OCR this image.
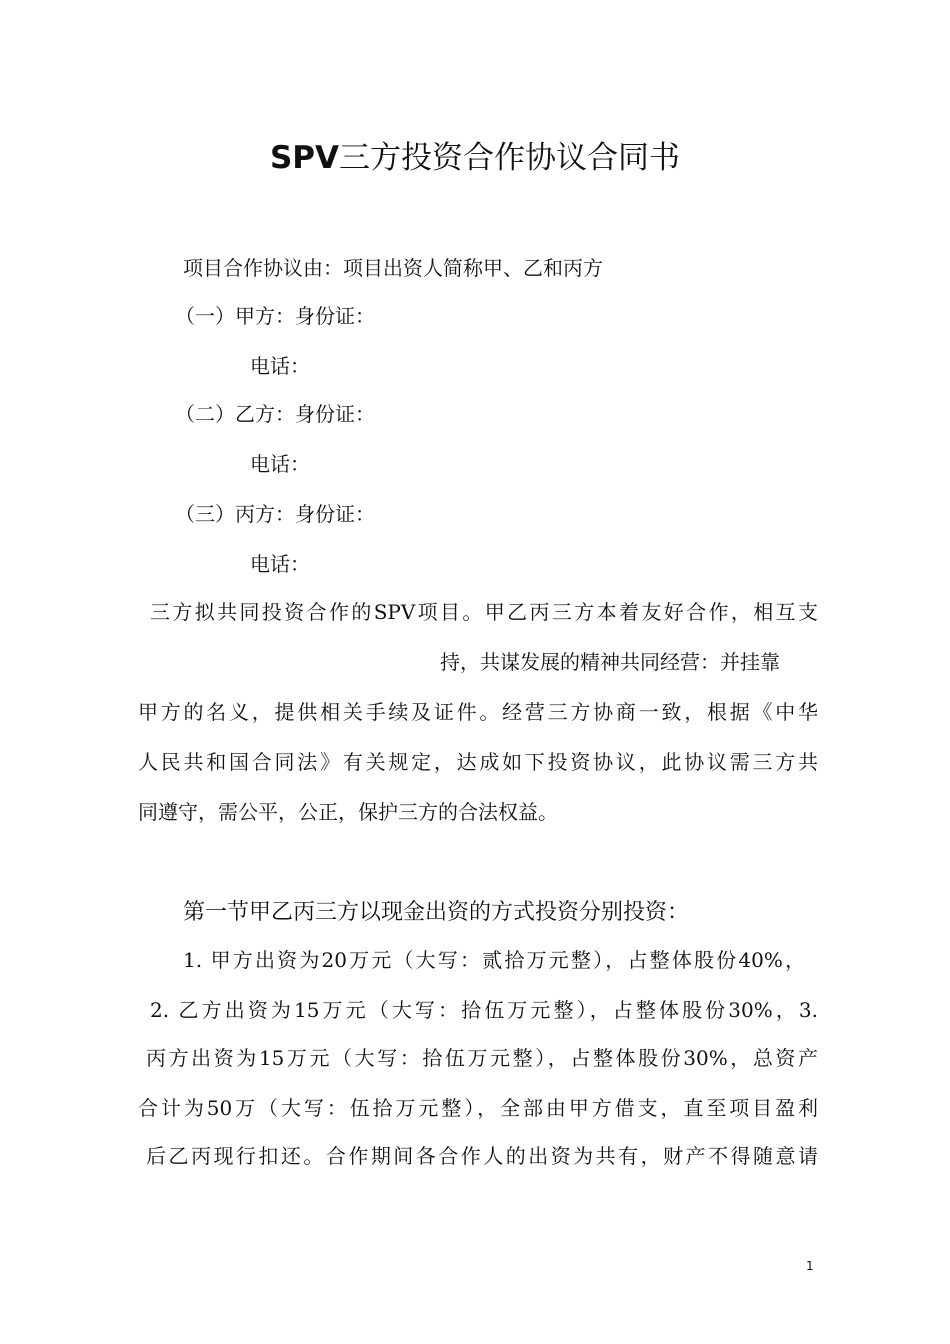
SPV三方投资合作协议合同书
项目合作协议由：项目出资人简称甲、乙和丙方
（一）甲方：身份证：
电话：
（二）乙方：身份证：
电话：
（三）丙方：身份证：
电话：
三方拟共同投资合作的SPV项目。甲乙丙三方本着友好合作，相互支
持，共谋发展的精神共同经营：并挂靠
甲方的名义，提供相关手续及证件。经营三方协商一致，根据《中华
人民共和国合同法》有关规定，达成如下投资协议，此协议需三方共
同遵守，需公平，公正，保护三方的合法权益。
第一节甲乙丙三方以现金出资的方式投资分别投资：
1. 甲方出资为20万元（大写：贰拾万元整），占整体股份40%，
2. 乙方出资为15万元（大写：拾伍万元整），占整体股份30%，3.
丙方出资为15万元（大写：拾伍万元整），占整体股份30%，总资产
合计为50万（大写：伍拾万元整），全部由甲方借支，直至项目盈利
后乙丙现行扣还。合作期间各合作人的出资为共有，财产不得随意请
1
